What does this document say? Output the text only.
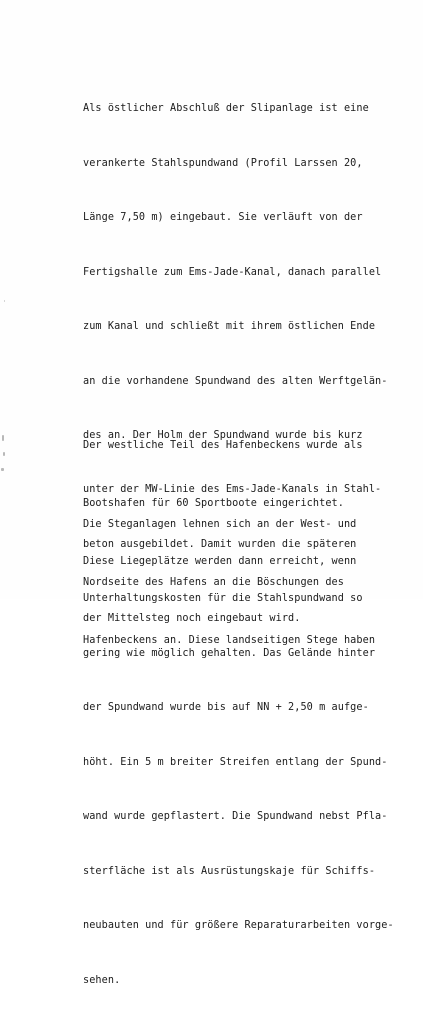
Als östlicher Abschluß der Slipanlage ist eine

verankerte Stahlspundwand (Profil Larssen 20,

Länge 7,50 m) eingebaut. Sie verläuft von der

Fertigshalle zum Ems-Jade-Kanal, danach parallel

zum Kanal und schließt mit ihrem östlichen Ende

an die vorhandene Spundwand des alten Werftgelän-

des an. Der Holm der Spundwand wurde bis kurz

unter der MW-Linie des Ems-Jade-Kanals in Stahl-

beton ausgebildet. Damit wurden die späteren

Unterhaltungskosten für die Stahlspundwand so

gering wie möglich gehalten. Das Gelände hinter

der Spundwand wurde bis auf NN + 2,50 m aufge-

höht. Ein 5 m breiter Streifen entlang der Spund-

wand wurde gepflastert. Die Spundwand nebst Pfla-

sterfläche ist als Ausrüstungskaje für Schiffs-

neubauten und für größere Reparaturarbeiten vorge-

sehen.

Der westliche Teil des Hafenbeckens wurde als

Bootshafen für 60 Sportboote eingerichtet.

Diese Liegeplätze werden dann erreicht, wenn

der Mittelsteg noch eingebaut wird.

Die Steganlagen lehnen sich an der West- und

Nordseite des Hafens an die Böschungen des

Hafenbeckens an. Diese landseitigen Stege haben
